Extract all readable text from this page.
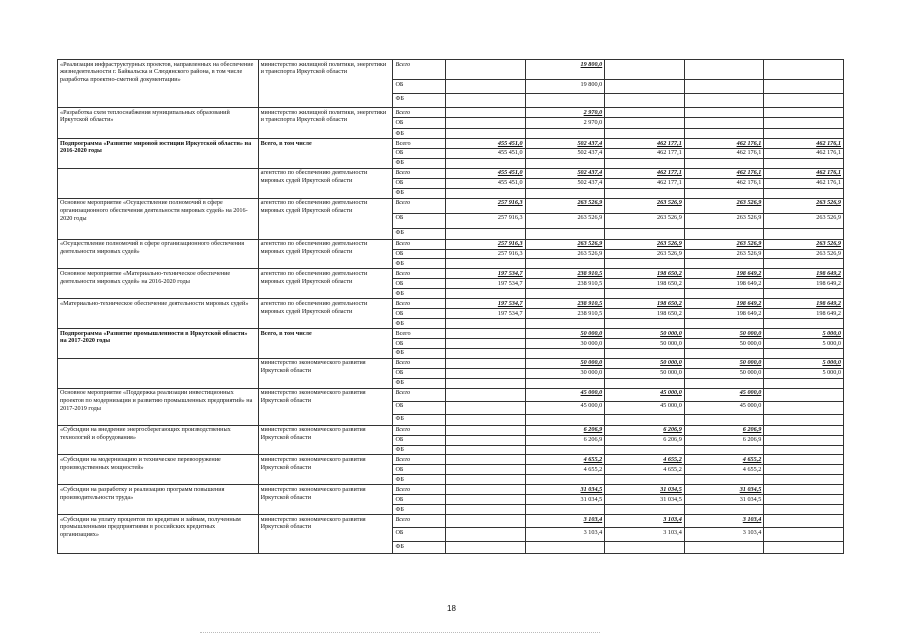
«Реализация инфраструктурных проектов, направленных на обеспечение жизнедеятельности г. Байкальска и Слюдянского района, в том числе разработка проектно-сметной документации»	министерство жилищной политики, энергетики и транспорта Иркутской области	Всего		19 800,0			
		ОБ		19 800,0			
		ФБ					
«Разработка схем теплоснабжения муниципальных образований Иркутской области»	министерство жилищной политики, энергетики и транспорта Иркутской области	Всего		2 970,0			
		ОБ		2 970,0			
		ФБ					
Подпрограмма «Развитие мировой юстиции Иркутской области» на 2016-2020 годы	Всего, в том числе	Всего	455 451,0	502 437,4	462 177,1	462 176,1	462 176,1
		ОБ	455 451,0	502 437,4	462 177,1	462 176,1	462 176,1
		ФБ					
	агентство по обеспечению деятельности мировых судей Иркутской области	Всего	455 451,0	502 437,4	462 177,1	462 176,1	462 176,1
		ОБ	455 451,0	502 437,4	462 177,1	462 176,1	462 176,1
		ФБ					
Основное мероприятие «Осуществление полномочий в сфере организационного обеспечения деятельности мировых судей» на 2016-2020 годы	агентство по обеспечению деятельности мировых судей Иркутской области	Всего	257 916,3	263 526,9	263 526,9	263 526,9	263 526,9
		ОБ	257 916,3	263 526,9	263 526,9	263 526,9	263 526,9
		ФБ					
«Осуществление полномочий в сфере организационного обеспечения деятельности мировых судей»	агентство по обеспечению деятельности мировых судей Иркутской области	Всего	257 916,3	263 526,9	263 526,9	263 526,9	263 526,9
		ОБ	257 916,3	263 526,9	263 526,9	263 526,9	263 526,9
		ФБ					
Основное мероприятие «Материально-техническое обеспечение деятельности мировых судей» на 2016-2020 годы	агентство по обеспечению деятельности мировых судей Иркутской области	Всего	197 534,7	238 910,5	198 650,2	198 649,2	198 649,2
		ОБ	197 534,7	238 910,5	198 650,2	198 649,2	198 649,2
		ФБ					
«Материально-техническое обеспечение деятельности мировых судей»	агентство по обеспечению деятельности мировых судей Иркутской области	Всего	197 534,7	238 910,5	198 650,2	198 649,2	198 649,2
		ОБ	197 534,7	238 910,5	198 650,2	198 649,2	198 649,2
		ФБ					
Подпрограмма «Развитие промышленности в Иркутской области» на 2017-2020 годы	Всего, в том числе	Всего		50 000,0	50 000,0	50 000,0	5 000,0
		ОБ		30 000,0	50 000,0	50 000,0	5 000,0
		ФБ					
	министерство экономического развития Иркутской области	Всего		50 000,0	50 000,0	50 000,0	5 000,0
		ОБ		30 000,0	50 000,0	50 000,0	5 000,0
		ФБ					
Основное мероприятие «Поддержка реализации инвестиционных проектов по модернизации и развитию промышленных предприятий» на 2017-2019 годы	министерство экономического развития Иркутской области	Всего		45 000,0	45 000,0	45 000,0	
		ОБ		45 000,0	45 000,0	45 000,0	
		ФБ					
«Субсидии на внедрение энергосберегающих производственных технологий и оборудования»	министерство экономического развития Иркутской области	Всего		6 206,9	6 206,9	6 206,9	
		ОБ		6 206,9	6 206,9	6 206,9	
		ФБ					
«Субсидии на модернизацию и техническое перевооружение производственных мощностей»	министерство экономического развития Иркутской области	Всего		4 655,2	4 655,2	4 655,2	
		ОБ		4 655,2	4 655,2	4 655,2	
		ФБ					
«Субсидии на разработку и реализацию программ повышения производительности труда»	министерство экономического развития Иркутской области	Всего		31 034,5	31 034,5	31 034,5	
		ОБ		31 034,5	31 034,5	31 034,5	
		ФБ					
«Субсидии на уплату процентов по кредитам и займам, полученным промышленными предприятиями в российских кредитных организациях»	министерство экономического развития Иркутской области	Всего		3 103,4	3 103,4	3 103,4	
		ОБ		3 103,4	3 103,4	3 103,4	
		ФБ					
18
